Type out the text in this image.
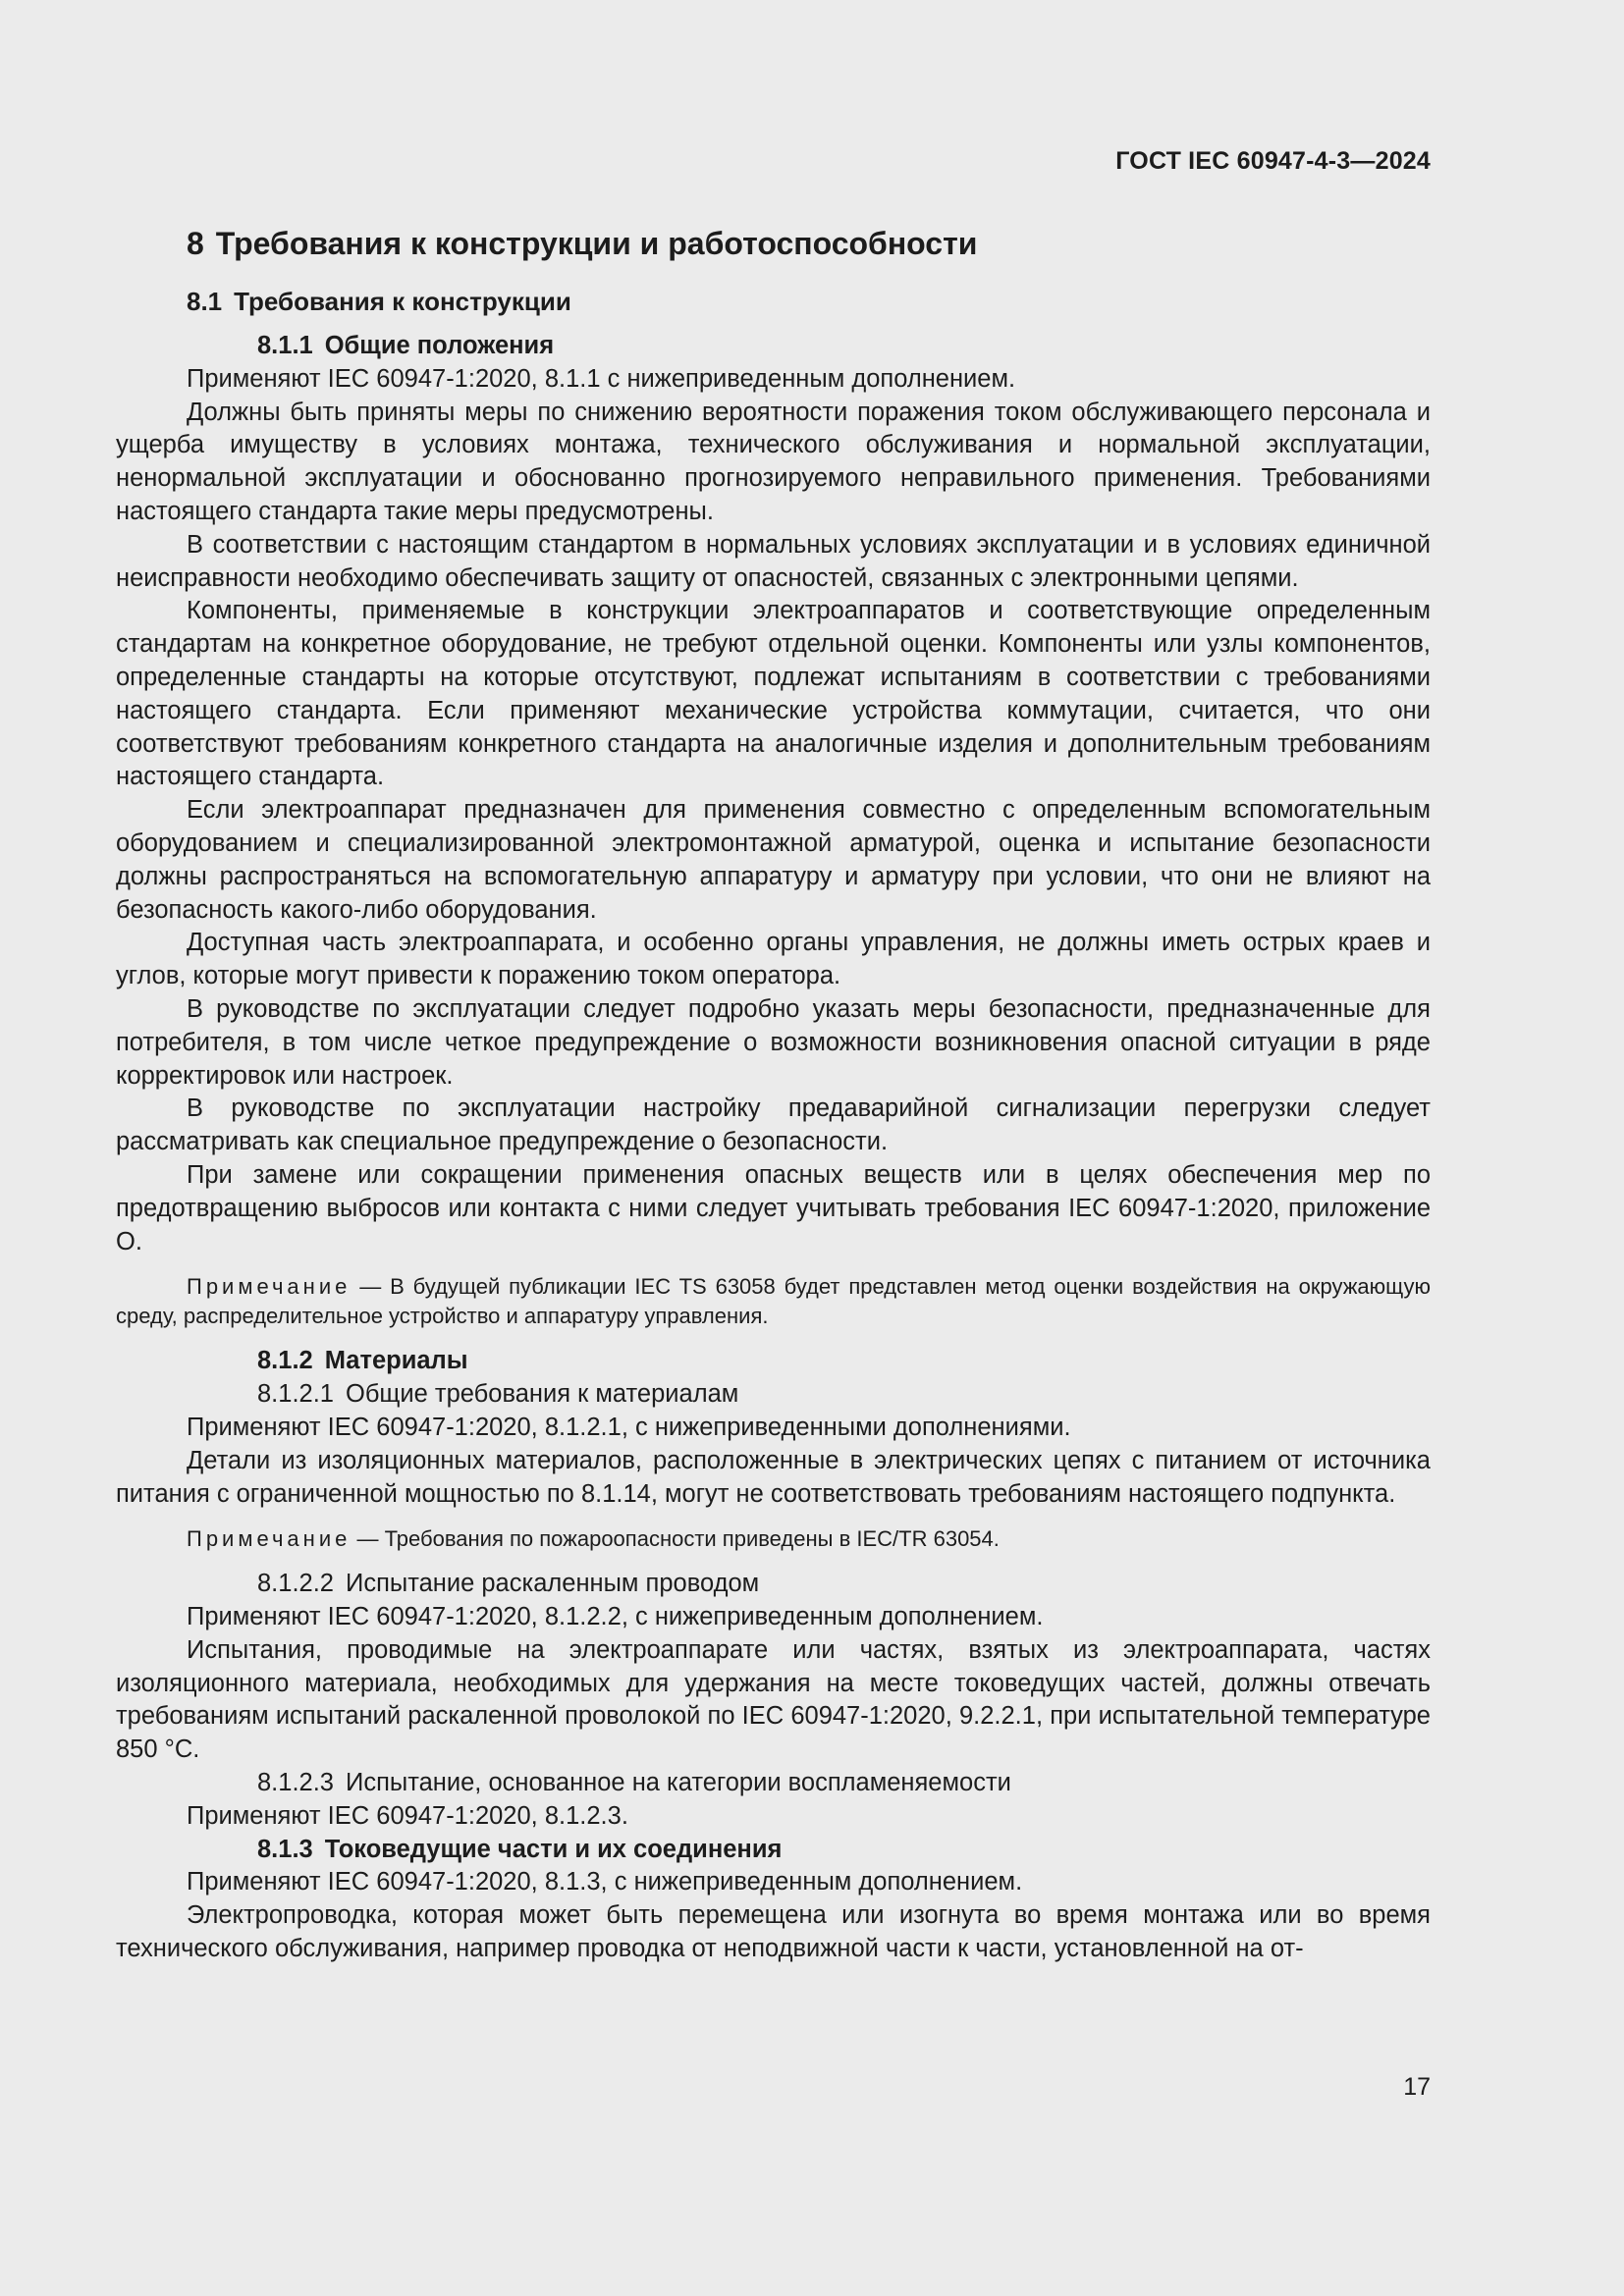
ГОСТ IEC 60947-4-3—2024
8 Требования к конструкции и работоспособности
8.1 Требования к конструкции

8.1.1 Общие положения

Применяют IEC 60947-1:2020, 8.1.1 с нижеприведенным дополнением.

Должны быть приняты меры по снижению вероятности поражения током обслуживающего персонала и ущерба имуществу в условиях монтажа, технического обслуживания и нормальной эксплуатации, ненормальной эксплуатации и обоснованно прогнозируемого неправильного применения. Требованиями настоящего стандарта такие меры предусмотрены.

В соответствии с настоящим стандартом в нормальных условиях эксплуатации и в условиях единичной неисправности необходимо обеспечивать защиту от опасностей, связанных с электронными цепями.

Компоненты, применяемые в конструкции электроаппаратов и соответствующие определенным стандартам на конкретное оборудование, не требуют отдельной оценки. Компоненты или узлы компонентов, определенные стандарты на которые отсутствуют, подлежат испытаниям в соответствии с требованиями настоящего стандарта. Если применяют механические устройства коммутации, считается, что они соответствуют требованиям конкретного стандарта на аналогичные изделия и дополнительным требованиям настоящего стандарта.

Если электроаппарат предназначен для применения совместно с определенным вспомогательным оборудованием и специализированной электромонтажной арматурой, оценка и испытание безопасности должны распространяться на вспомогательную аппаратуру и арматуру при условии, что они не влияют на безопасность какого-либо оборудования.

Доступная часть электроаппарата, и особенно органы управления, не должны иметь острых краев и углов, которые могут привести к поражению током оператора.

В руководстве по эксплуатации следует подробно указать меры безопасности, предназначенные для потребителя, в том числе четкое предупреждение о возможности возникновения опасной ситуации в ряде корректировок или настроек.

В руководстве по эксплуатации настройку предаварийной сигнализации перегрузки следует рассматривать как специальное предупреждение о безопасности.

При замене или сокращении применения опасных веществ или в целях обеспечения мер по предотвращению выбросов или контакта с ними следует учитывать требования IEC 60947-1:2020, приложение О.

Примечание — В будущей публикации IEC TS 63058 будет представлен метод оценки воздействия на окружающую среду, распределительное устройство и аппаратуру управления.

8.1.2 Материалы

8.1.2.1 Общие требования к материалам

Применяют IEC 60947-1:2020, 8.1.2.1, с нижеприведенными дополнениями.

Детали из изоляционных материалов, расположенные в электрических цепях с питанием от источника питания с ограниченной мощностью по 8.1.14, могут не соответствовать требованиям настоящего подпункта.

Примечание — Требования по пожароопасности приведены в IEC/TR 63054.

8.1.2.2 Испытание раскаленным проводом

Применяют IEC 60947-1:2020, 8.1.2.2, с нижеприведенным дополнением.

Испытания, проводимые на электроаппарате или частях, взятых из электроаппарата, частях изоляционного материала, необходимых для удержания на месте токоведущих частей, должны отвечать требованиям испытаний раскаленной проволокой по IEC 60947-1:2020, 9.2.2.1, при испытательной температуре 850 °С.

8.1.2.3 Испытание, основанное на категории воспламеняемости

Применяют IEC 60947-1:2020, 8.1.2.3.

8.1.3 Токоведущие части и их соединения

Применяют IEC 60947-1:2020, 8.1.3, с нижеприведенным дополнением.

Электропроводка, которая может быть перемещена или изогнута во время монтажа или во время технического обслуживания, например проводка от неподвижной части к части, установленной на от-

17
